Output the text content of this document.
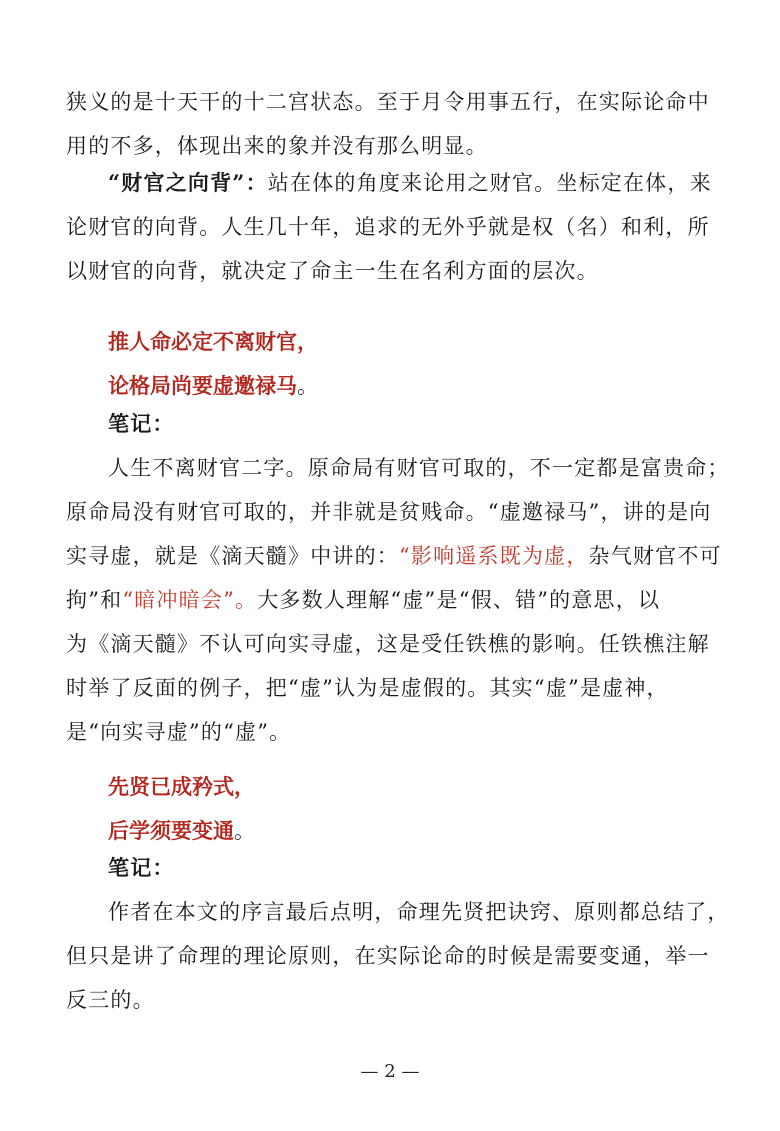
狭义的是十天干的十二宫状态。至于月令用事五行，在实际论命中
用的不多，体现出来的象并没有那么明显。
“财官之向背”：站在体的角度来论用之财官。坐标定在体，来
论财官的向背。人生几十年，追求的无外乎就是权（名）和利，所
以财官的向背，就决定了命主一生在名利方面的层次。
推人命必定不离财官，
论格局尚要虚邀禄马。
笔记：
人生不离财官二字。原命局有财官可取的，不一定都是富贵命；
原命局没有财官可取的，并非就是贫贱命。“虚邀禄马”，讲的是向
实寻虚，就是《滴天髓》中讲的：“影响遥系既为虚，杂气财官不可
拘”和“暗冲暗会”。大多数人理解“虚”是“假、错”的意思，以
为《滴天髓》不认可向实寻虚，这是受任铁樵的影响。任铁樵注解
时举了反面的例子，把“虚”认为是虚假的。其实“虚”是虚神，
是“向实寻虚”的“虚”。
先贤已成矜式，
后学须要变通。
笔记：
作者在本文的序言最后点明，命理先贤把诀窍、原则都总结了，
但只是讲了命理的理论原则，在实际论命的时候是需要变通，举一
反三的。
— 2 —
